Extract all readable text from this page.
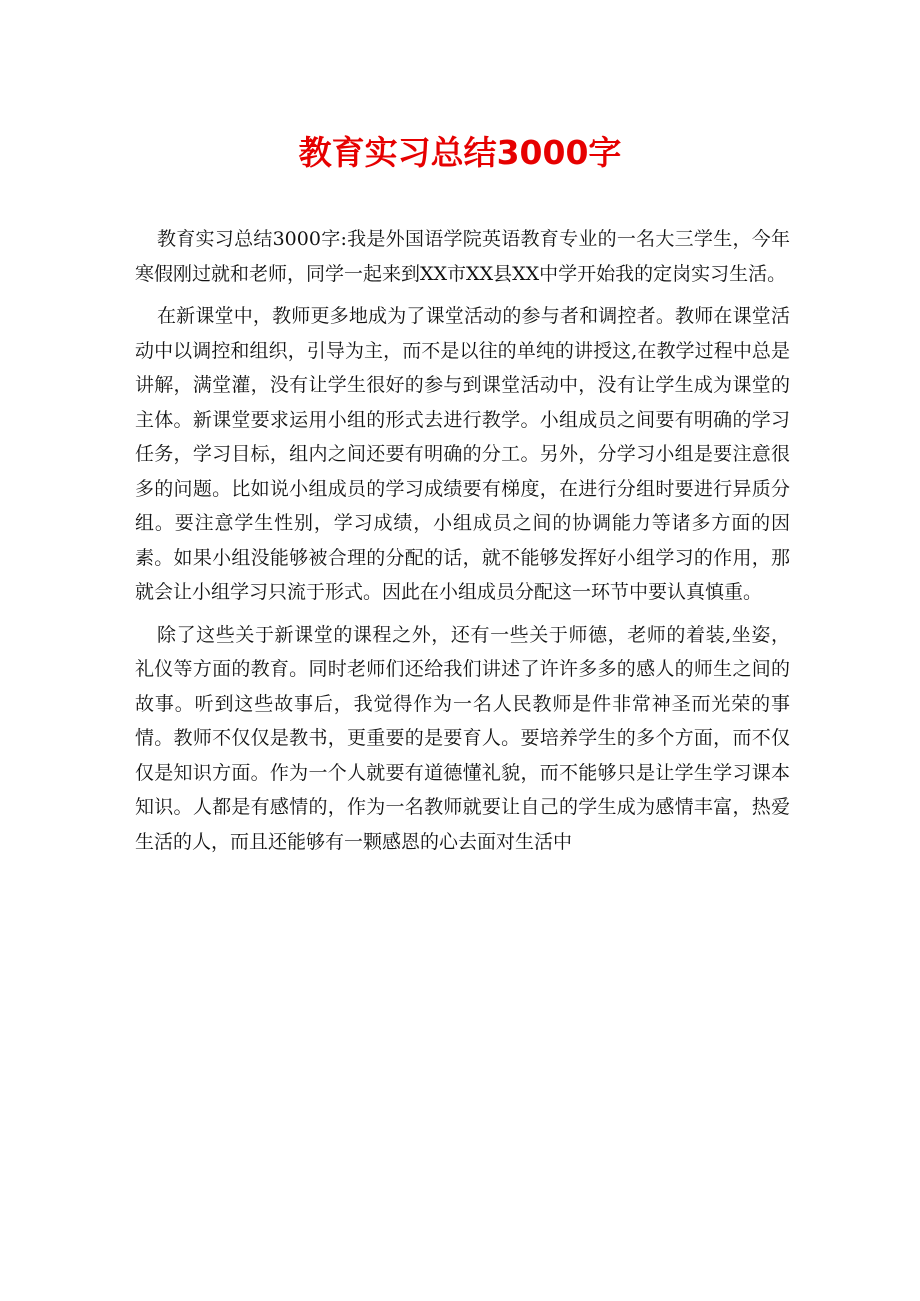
教育实习总结3000字

教育实习总结3000字:我是外国语学院英语教育专业的一名大三学生，今年寒假刚过就和老师，同学一起来到XX市XX县XX中学开始我的定岗实习生活。

在新课堂中，教师更多地成为了课堂活动的参与者和调控者。教师在课堂活动中以调控和组织，引导为主，而不是以往的单纯的讲授这,在教学过程中总是讲解，满堂灌，没有让学生很好的参与到课堂活动中，没有让学生成为课堂的主体。新课堂要求运用小组的形式去进行教学。小组成员之间要有明确的学习任务，学习目标，组内之间还要有明确的分工。另外，分学习小组是要注意很多的问题。比如说小组成员的学习成绩要有梯度，在进行分组时要进行异质分组。要注意学生性别，学习成绩，小组成员之间的协调能力等诸多方面的因素。如果小组没能够被合理的分配的话，就不能够发挥好小组学习的作用，那就会让小组学习只流于形式。因此在小组成员分配这一环节中要认真慎重。

除了这些关于新课堂的课程之外，还有一些关于师德，老师的着装,坐姿，礼仪等方面的教育。同时老师们还给我们讲述了许许多多的感人的师生之间的故事。听到这些故事后，我觉得作为一名人民教师是件非常神圣而光荣的事情。教师不仅仅是教书，更重要的是要育人。要培养学生的多个方面，而不仅仅是知识方面。作为一个人就要有道德懂礼貌，而不能够只是让学生学习课本知识。人都是有感情的，作为一名教师就要让自己的学生成为感情丰富，热爱生活的人，而且还能够有一颗感恩的心去面对生活中
